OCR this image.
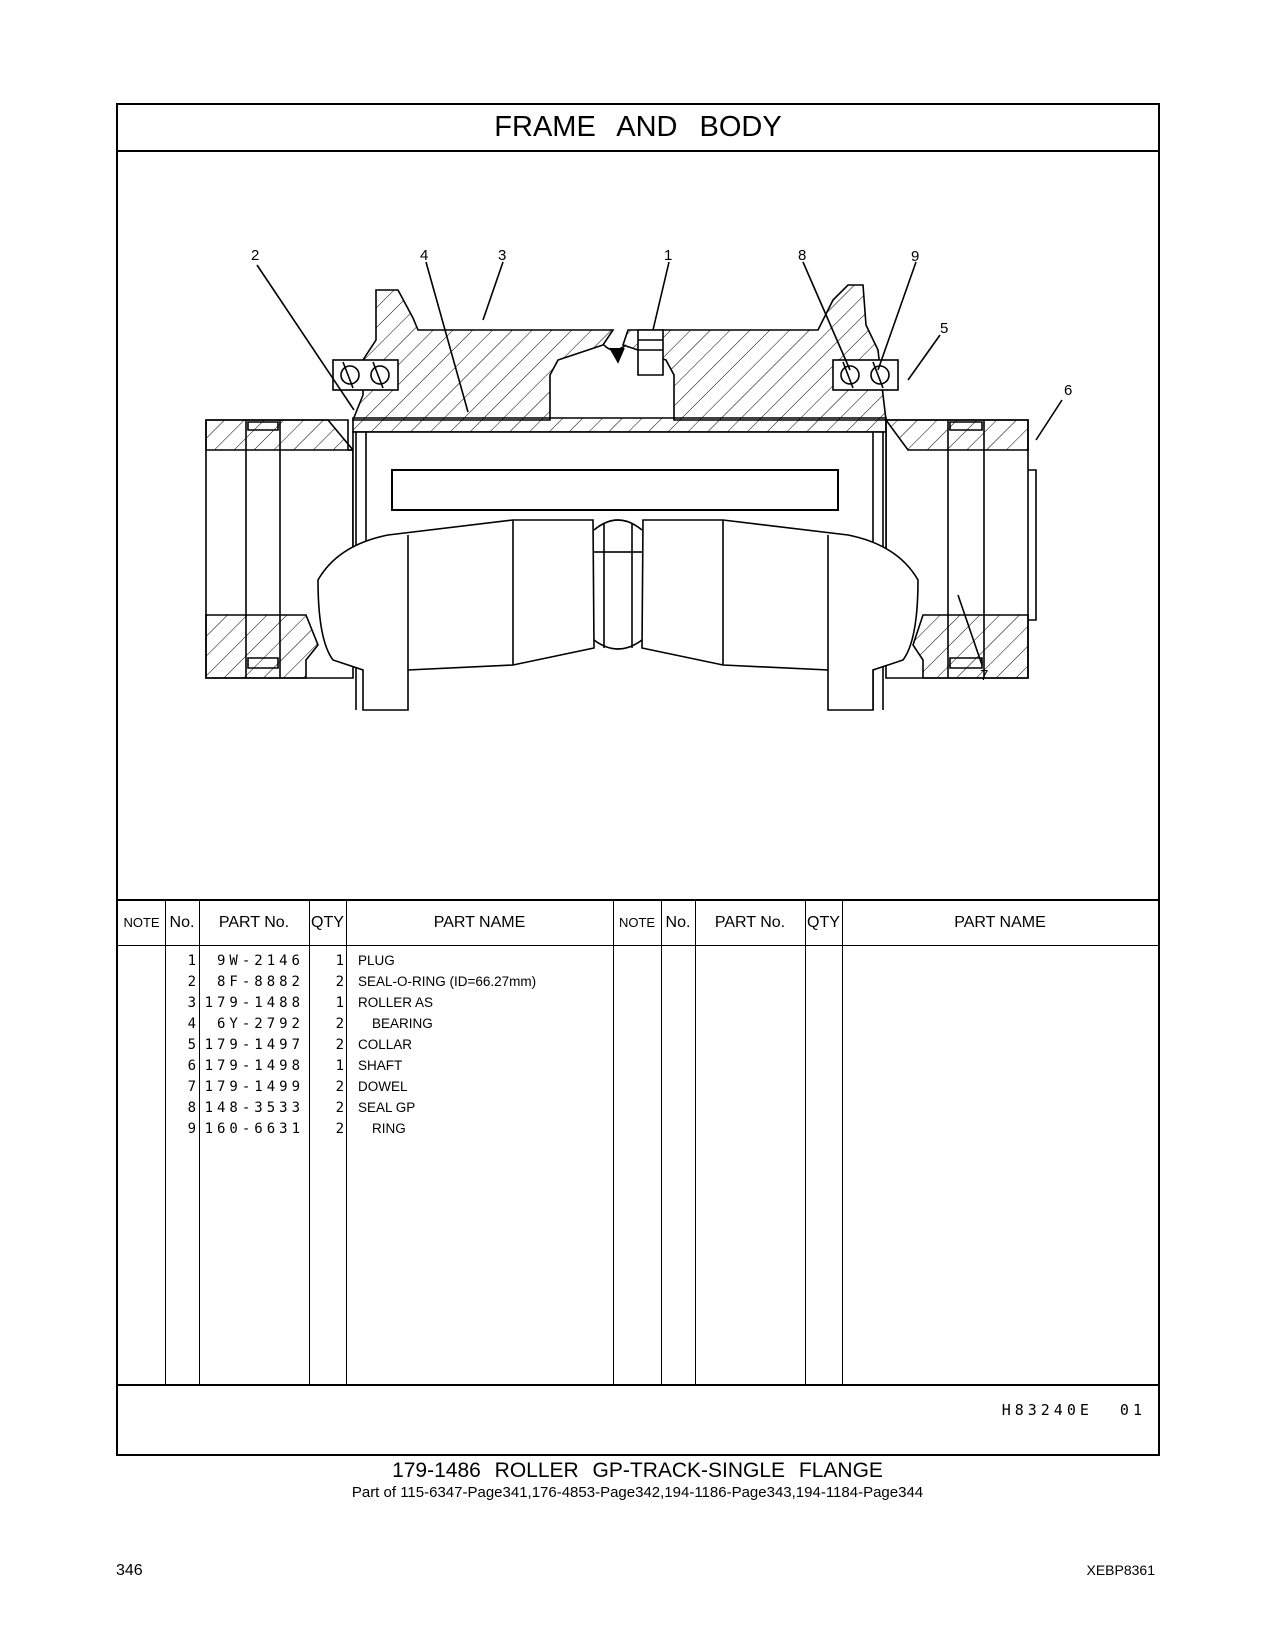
FRAME AND BODY
2	4	3	1	8	9
5
6
7
NOTE No.	PART No.	QTY	PART NAME	NOTE No.	PART No.	QTY	PART NAME
1	9W-2146	1 PLUG
2	8F-8882	2 SEAL-O-RING (ID=66.27mm)
3 179-1488	1 ROLLER AS
4	6Y-2792	2 BEARING
5 179-1497	2 COLLAR
6 179-1498	1 SHAFT
7 179-1499	2 DOWEL
8 148-3533	2 SEAL GP
9 160-6631	2 RING
H83240E 01
179-1486 ROLLER GP-TRACK-SINGLE FLANGE
Part of 115-6347-Page341,176-4853-Page342,194-1186-Page343,194-1184-Page344
346	XEBP8361
